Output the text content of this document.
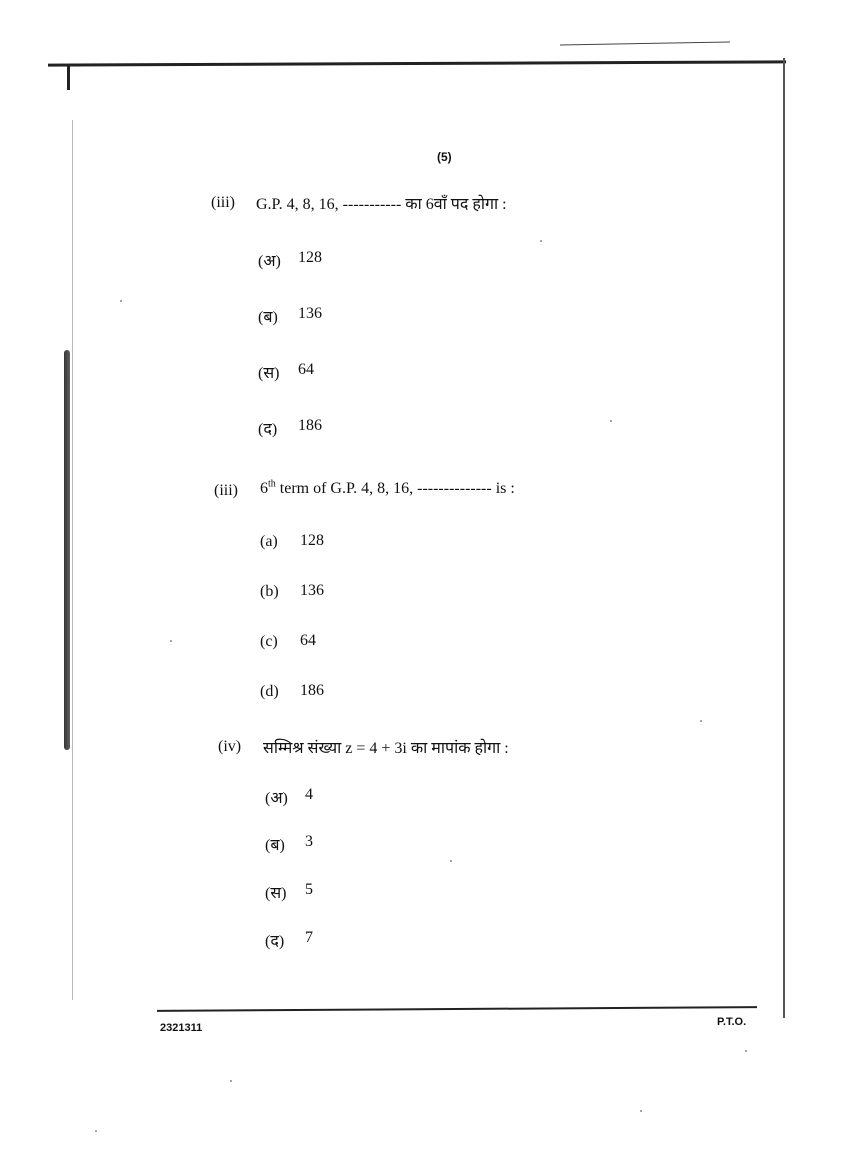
(5)
(iii) G.P. 4, 8, 16, ----------- का 6वाँ पद होगा :
(अ) 128
(ब) 136
(स) 64
(द) 186
(iii) 6th term of G.P. 4, 8, 16, -------------- is :
(a) 128
(b) 136
(c) 64
(d) 186
(iv) सम्मिश्र संख्या z = 4 + 3i का मापांक होगा :
(अ) 4
(ब) 3
(स) 5
(द) 7
2321311	P.T.O.
